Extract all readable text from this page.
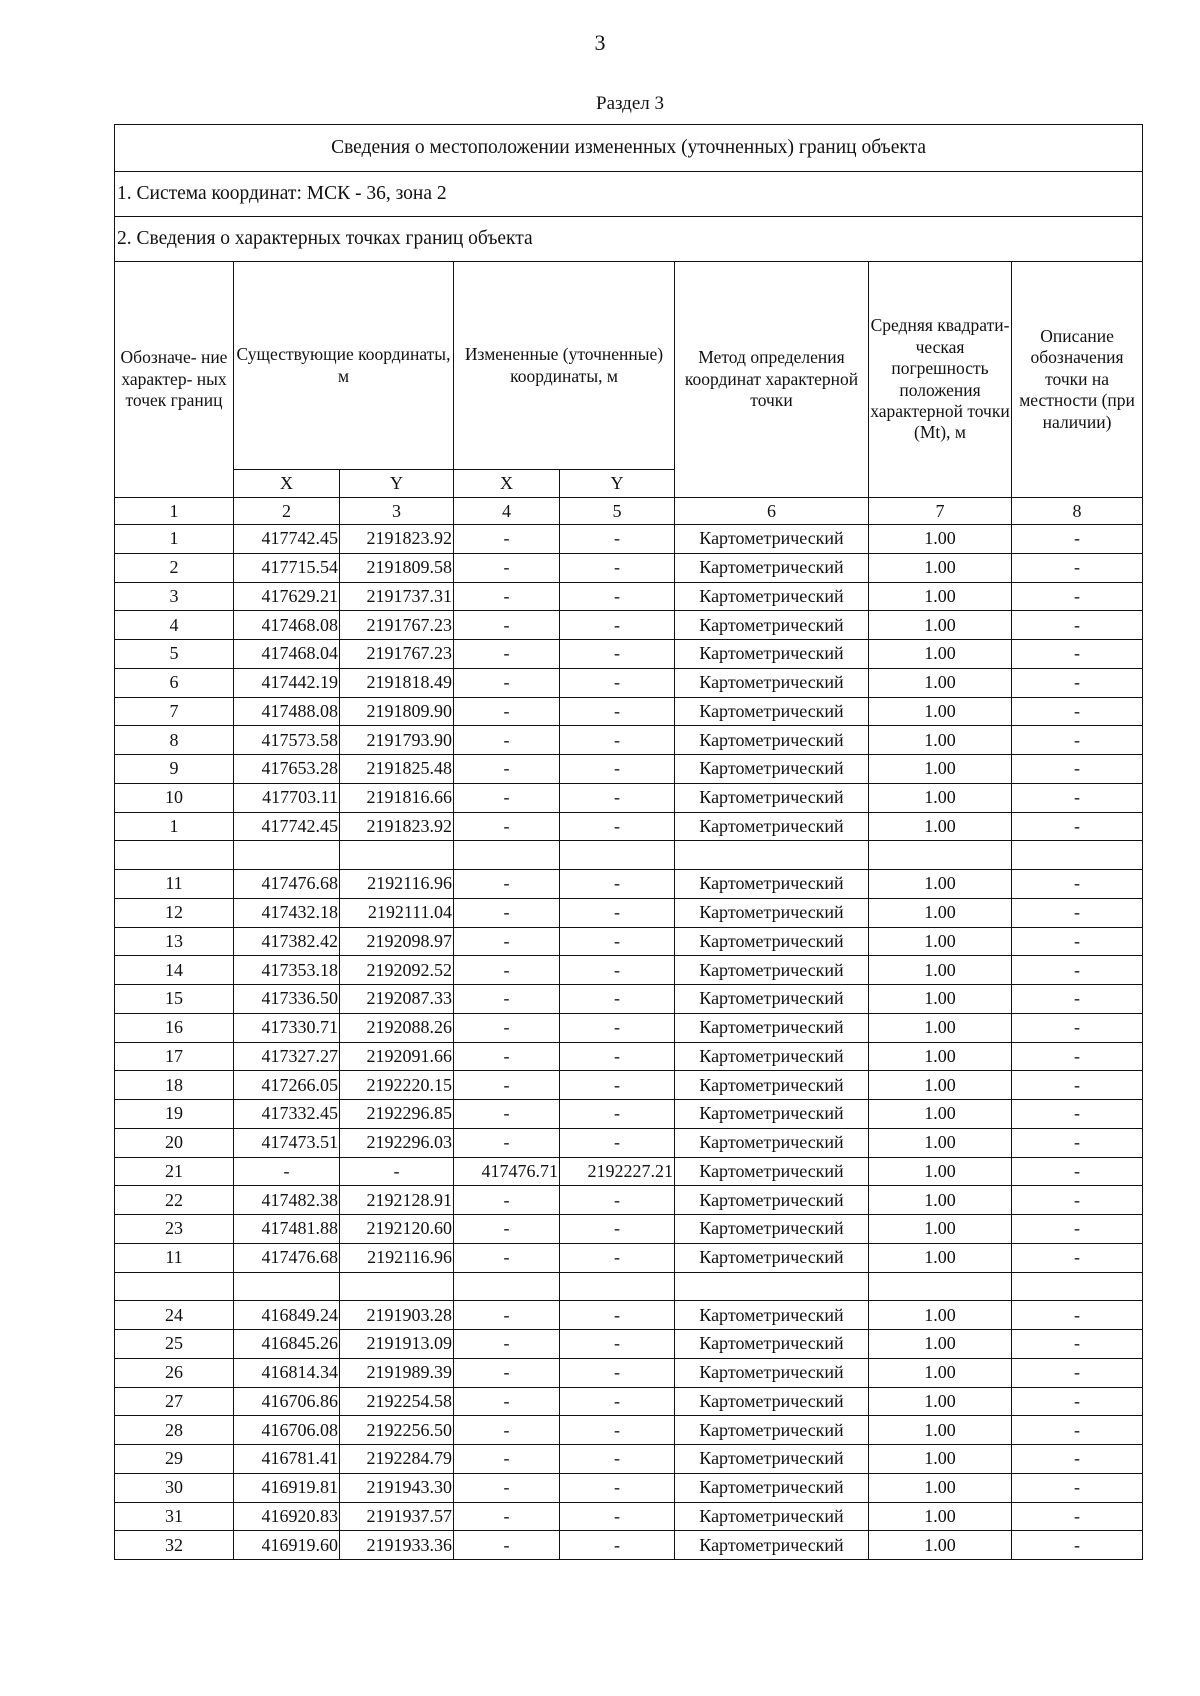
3
Раздел 3
Сведения о местоположении измененных (уточненных) границ объекта							
1. Система координат: МСК - 36, зона 2							
2. Сведения о характерных точках границ объекта							
Обозначе- ние характер- ных точек границ	Существующие координаты, м		Измененные (уточненные) координаты, м		Метод определения координат характерной точки	Средняя квадрати- ческая погрешность положения характерной точки (Mt), м	Описание обозначения точки на местности (при наличии)
	X	Y	X	Y			
1	2	3	4	5	6	7	8
1	417742.45	2191823.92	-	-	Картометрический	1.00	-
2	417715.54	2191809.58	-	-	Картометрический	1.00	-
3	417629.21	2191737.31	-	-	Картометрический	1.00	-
4	417468.08	2191767.23	-	-	Картометрический	1.00	-
5	417468.04	2191767.23	-	-	Картометрический	1.00	-
6	417442.19	2191818.49	-	-	Картометрический	1.00	-
7	417488.08	2191809.90	-	-	Картометрический	1.00	-
8	417573.58	2191793.90	-	-	Картометрический	1.00	-
9	417653.28	2191825.48	-	-	Картометрический	1.00	-
10	417703.11	2191816.66	-	-	Картометрический	1.00	-
1	417742.45	2191823.92	-	-	Картометрический	1.00	-

11	417476.68	2192116.96	-	-	Картометрический	1.00	-
12	417432.18	2192111.04	-	-	Картометрический	1.00	-
13	417382.42	2192098.97	-	-	Картометрический	1.00	-
14	417353.18	2192092.52	-	-	Картометрический	1.00	-
15	417336.50	2192087.33	-	-	Картометрический	1.00	-
16	417330.71	2192088.26	-	-	Картометрический	1.00	-
17	417327.27	2192091.66	-	-	Картометрический	1.00	-
18	417266.05	2192220.15	-	-	Картометрический	1.00	-
19	417332.45	2192296.85	-	-	Картометрический	1.00	-
20	417473.51	2192296.03	-	-	Картометрический	1.00	-
21	-	-	417476.71	2192227.21	Картометрический	1.00	-
22	417482.38	2192128.91	-	-	Картометрический	1.00	-
23	417481.88	2192120.60	-	-	Картометрический	1.00	-
11	417476.68	2192116.96	-	-	Картометрический	1.00	-

24	416849.24	2191903.28	-	-	Картометрический	1.00	-
25	416845.26	2191913.09	-	-	Картометрический	1.00	-
26	416814.34	2191989.39	-	-	Картометрический	1.00	-
27	416706.86	2192254.58	-	-	Картометрический	1.00	-
28	416706.08	2192256.50	-	-	Картометрический	1.00	-
29	416781.41	2192284.79	-	-	Картометрический	1.00	-
30	416919.81	2191943.30	-	-	Картометрический	1.00	-
31	416920.83	2191937.57	-	-	Картометрический	1.00	-
32	416919.60	2191933.36	-	-	Картометрический	1.00	-
